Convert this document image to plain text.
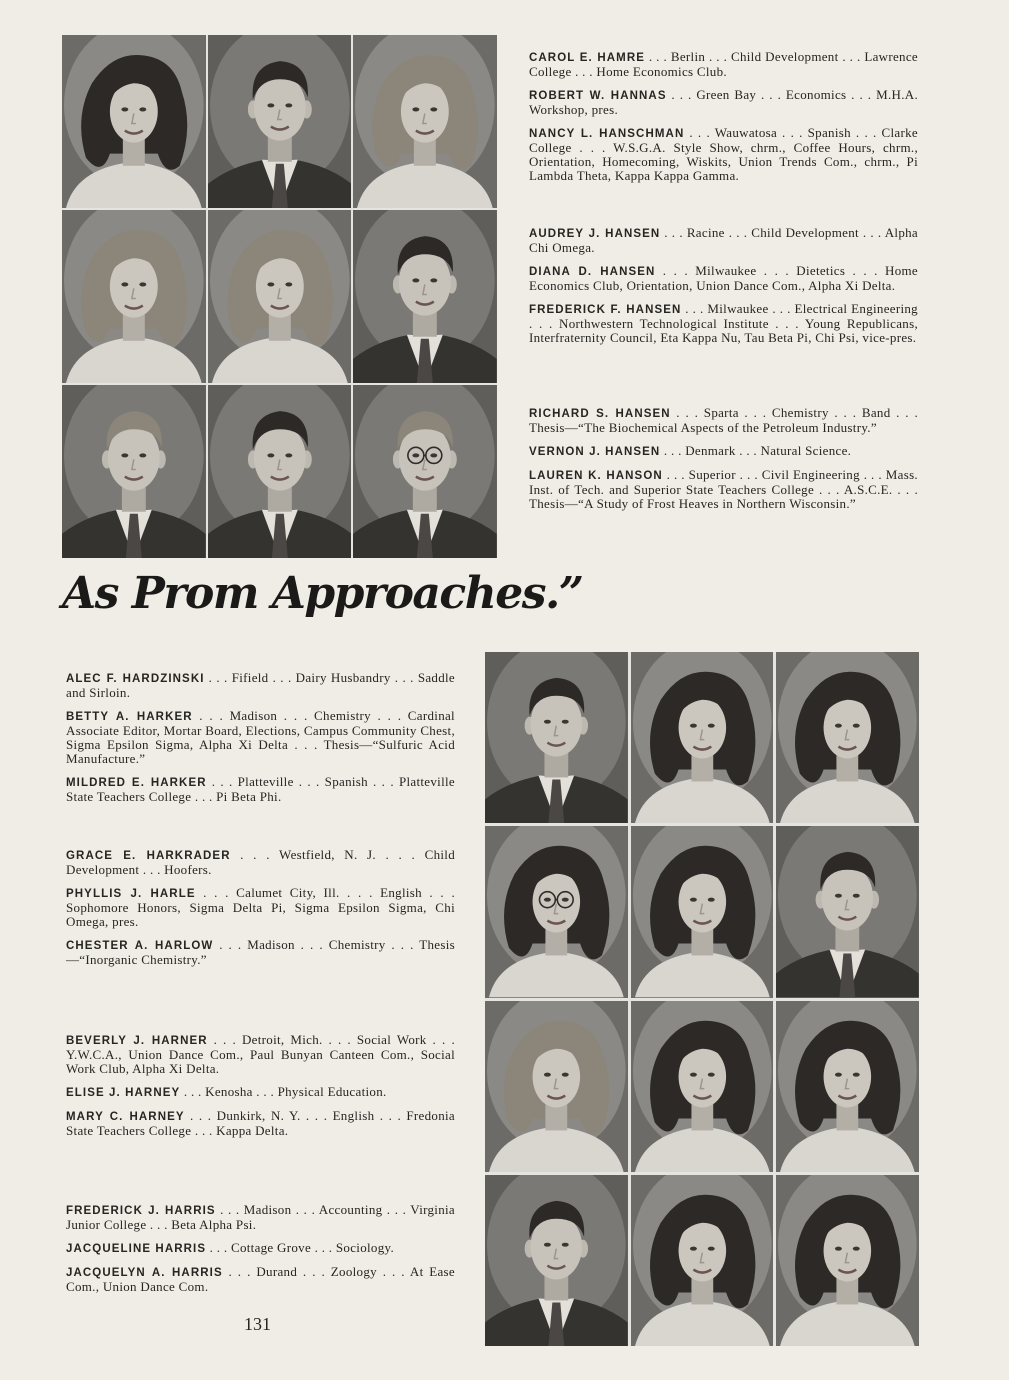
CAROL E. HAMRE . . . Berlin . . . Child Development . . . Lawrence College . . . Home Economics Club.

ROBERT W. HANNAS . . . Green Bay . . . Economics . . . M.H.A. Workshop, pres.

NANCY L. HANSCHMAN . . . Wauwatosa . . . Spanish . . . Clarke College . . . W.S.G.A. Style Show, chrm., Coffee Hours, chrm., Orientation, Homecoming, Wiskits, Union Trends Com., chrm., Pi Lambda Theta, Kappa Kappa Gamma.

AUDREY J. HANSEN . . . Racine . . . Child Development . . . Alpha Chi Omega.

DIANA D. HANSEN . . . Milwaukee . . . Dietetics . . . Home Economics Club, Orientation, Union Dance Com., Alpha Xi Delta.

FREDERICK F. HANSEN . . . Milwaukee . . . Electrical Engineering . . . Northwestern Technological Institute . . . Young Republicans, Interfraternity Council, Eta Kappa Nu, Tau Beta Pi, Chi Psi, vice-pres.

RICHARD S. HANSEN . . . Sparta . . . Chemistry . . . Band . . . Thesis—“The Biochemical Aspects of the Petroleum Industry.”

VERNON J. HANSEN . . . Denmark . . . Natural Science.

LAUREN K. HANSON . . . Superior . . . Civil Engineering . . . Mass. Inst. of Tech. and Superior State Teachers College . . . A.S.C.E. . . . Thesis—“A Study of Frost Heaves in Northern Wisconsin.”

As Prom Approaches.”

ALEC F. HARDZINSKI . . . Fifield . . . Dairy Husbandry . . . Saddle and Sirloin.

BETTY A. HARKER . . . Madison . . . Chemistry . . . Cardinal Associate Editor, Mortar Board, Elections, Campus Community Chest, Sigma Epsilon Sigma, Alpha Xi Delta . . . Thesis—“Sulfuric Acid Manufacture.”

MILDRED E. HARKER . . . Platteville . . . Spanish . . . Platteville State Teachers College . . . Pi Beta Phi.

GRACE E. HARKRADER . . . Westfield, N. J. . . . Child Development . . . Hoofers.

PHYLLIS J. HARLE . . . Calumet City, Ill. . . . English . . . Sophomore Honors, Sigma Delta Pi, Sigma Epsilon Sigma, Chi Omega, pres.

CHESTER A. HARLOW . . . Madison . . . Chemistry . . . Thesis—“Inorganic Chemistry.”

BEVERLY J. HARNER . . . Detroit, Mich. . . . Social Work . . . Y.W.C.A., Union Dance Com., Paul Bunyan Canteen Com., Social Work Club, Alpha Xi Delta.

ELISE J. HARNEY . . . Kenosha . . . Physical Education.

MARY C. HARNEY . . . Dunkirk, N. Y. . . . English . . . Fredonia State Teachers College . . . Kappa Delta.

FREDERICK J. HARRIS . . . Madison . . . Accounting . . . Virginia Junior College . . . Beta Alpha Psi.

JACQUELINE HARRIS . . . Cottage Grove . . . Sociology.

JACQUELYN A. HARRIS . . . Durand . . . Zoology . . . At Ease Com., Union Dance Com.

131
